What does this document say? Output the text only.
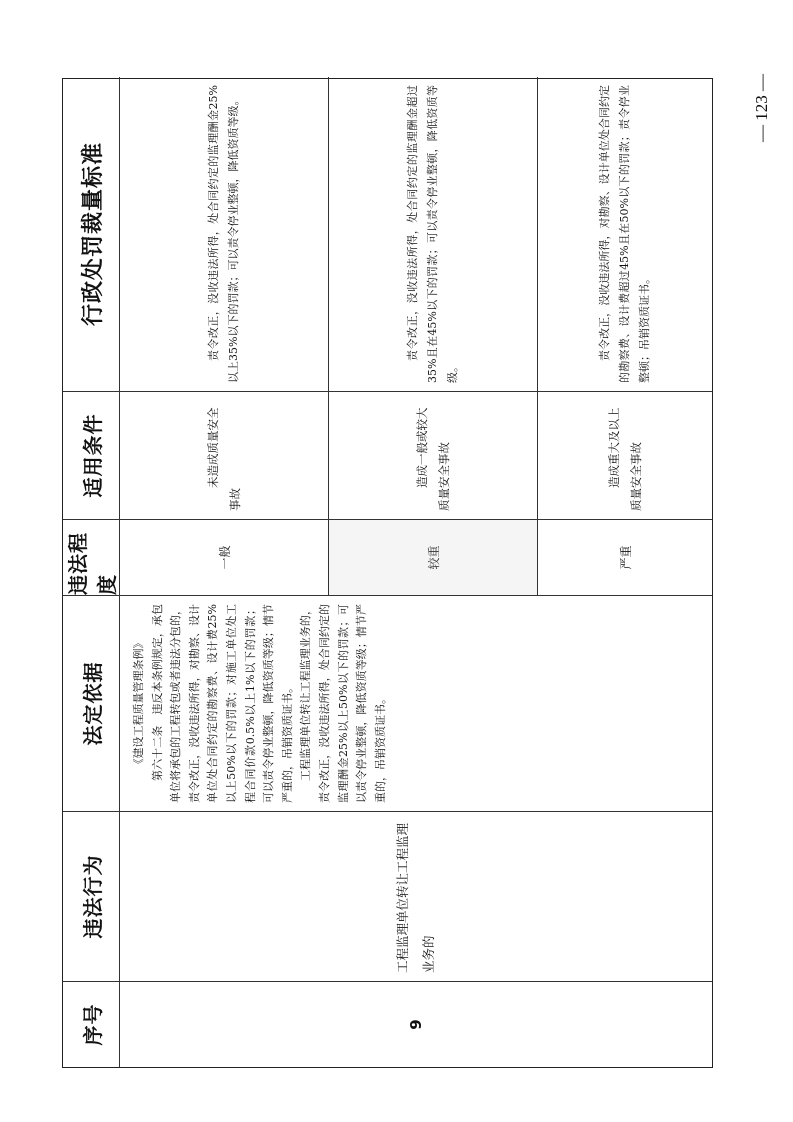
序号
违法行为
法定依据
违法程度
适用条件
行政处罚裁量标准
9
工程监理单位转让工程监理业务的

《建设工程质量管理条例》 第六十二条　违反本条例规定，承包单位将承包的工程转包或者违法分包的，责令改正，没收违法所得，对勘察、设计单位处合同约定的勘察费、设计费25%以上50%以下的罚款；对施工单位处工程合同价款0.5%以上1%以下的罚款；可以责令停业整顿，降低资质等级；情节严重的，吊销资质证书。 工程监理单位转让工程监理业务的，责令改正，没收违法所得，处合同约定的监理酬金25%以上50%以下的罚款；可以责令停业整顿，降低资质等级；情节严重的，吊销资质证书。

一般
未造成质量安全事故
责令改正，没收违法所得，处合同约定的监理酬金25%以上35%以下的罚款；可以责令停业整顿，降低资质等级。
较重
造成一般或较大质量安全事故
责令改正，没收违法所得，处合同约定的监理酬金超过35%且在45%以下的罚款；可以责令停业整顿，降低资质等级。
严重
造成重大及以上质量安全事故
责令改正，没收违法所得，对勘察、设计单位处合同约定的勘察费、设计费超过45%且在50%以下的罚款；责令停业整顿；吊销资质证书。
— 123 —
